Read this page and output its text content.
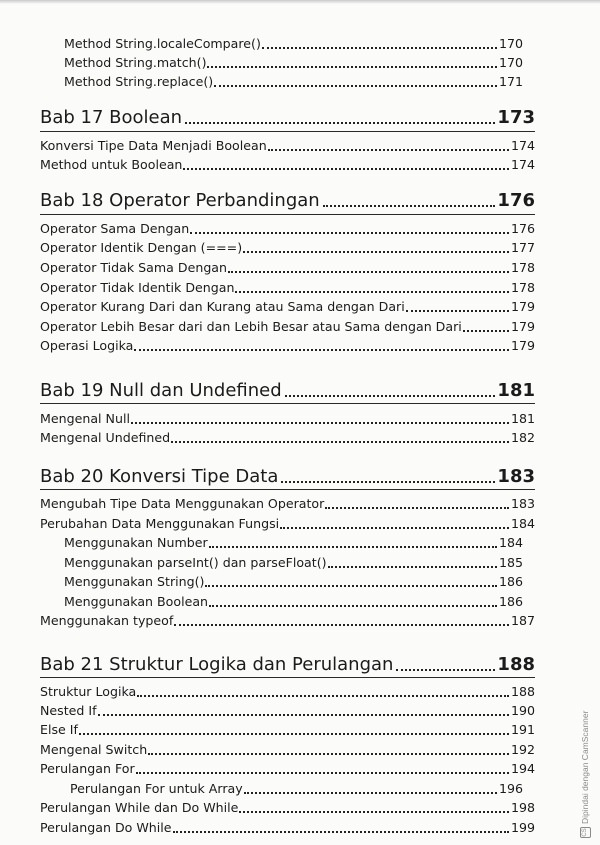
Method String.localeCompare()	170
Method String.match()	170
Method String.replace()	171
Bab 17 Boolean	173
Konversi Tipe Data Menjadi Boolean	174
Method untuk Boolean	174
Bab 18 Operator Perbandingan	176
Operator Sama Dengan	176
Operator Identik Dengan (===)	177
Operator Tidak Sama Dengan	178
Operator Tidak Identik Dengan	178
Operator Kurang Dari dan Kurang atau Sama dengan Dari	179
Operator Lebih Besar dari dan Lebih Besar atau Sama dengan Dari	179
Operasi Logika	179
Bab 19 Null dan Undefined	181
Mengenal Null	181
Mengenal Undefined	182
Bab 20 Konversi Tipe Data	183
Mengubah Tipe Data Menggunakan Operator	183
Perubahan Data Menggunakan Fungsi	184
Menggunakan Number	184
Menggunakan parseInt() dan parseFloat()	185
Menggunakan String()	186
Menggunakan Boolean	186
Menggunakan typeof	187
Bab 21 Struktur Logika dan Perulangan	188
Struktur Logika	188
Nested If	190
Else If	191
Mengenal Switch	192
Perulangan For	194
Perulangan For untuk Array	196
Perulangan While dan Do While	198
Perulangan Do While	199	CSDipindai dengan CamScanner
